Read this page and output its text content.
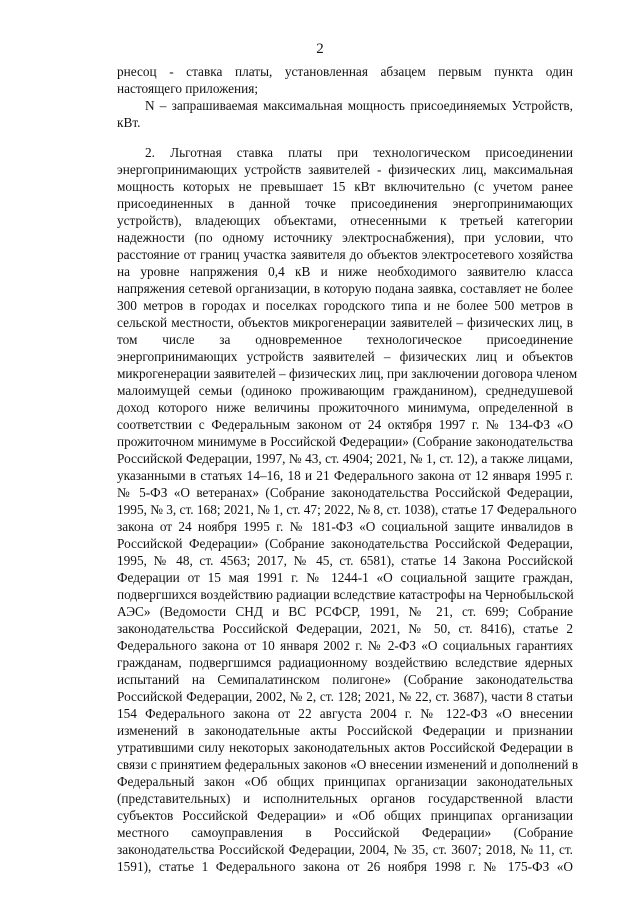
2
рнесоц - ставка платы, установленная абзацем первым пункта один
настоящего приложения;
N – запрашиваемая максимальная мощность присоединяемых Устройств,
кВт.
2. Льготная ставка платы при технологическом присоединении
энергопринимающих устройств заявителей - физических лиц, максимальная
мощность которых не превышает 15 кВт включительно (с учетом ранее
присоединенных в данной точке присоединения энергопринимающих
устройств), владеющих объектами, отнесенными к третьей категории
надежности (по одному источнику электроснабжения), при условии, что
расстояние от границ участка заявителя до объектов электросетевого хозяйства
на уровне напряжения 0,4 кВ и ниже необходимого заявителю класса
напряжения сетевой организации, в которую подана заявка, составляет не более
300 метров в городах и поселках городского типа и не более 500 метров в
сельской местности, объектов микрогенерации заявителей – физических лиц, в
том числе за одновременное технологическое присоединение
энергопринимающих устройств заявителей – физических лиц и объектов
микрогенерации заявителей – физических лиц, при заключении договора членом
малоимущей семьи (одиноко проживающим гражданином), среднедушевой
доход которого ниже величины прожиточного минимума, определенной в
соответствии с Федеральным законом от 24 октября 1997 г. № 134-ФЗ «О
прожиточном минимуме в Российской Федерации» (Собрание законодательства
Российской Федерации, 1997, № 43, ст. 4904; 2021, № 1, ст. 12), а также лицами,
указанными в статьях 14–16, 18 и 21 Федерального закона от 12 января 1995 г.
№ 5-ФЗ «О ветеранах» (Собрание законодательства Российской Федерации,
1995, № 3, ст. 168; 2021, № 1, ст. 47; 2022, № 8, ст. 1038), статье 17 Федерального
закона от 24 ноября 1995 г. № 181-ФЗ «О социальной защите инвалидов в
Российской Федерации» (Собрание законодательства Российской Федерации,
1995, № 48, ст. 4563; 2017, № 45, ст. 6581), статье 14 Закона Российской
Федерации от 15 мая 1991 г. № 1244-1 «О социальной защите граждан,
подвергшихся воздействию радиации вследствие катастрофы на Чернобыльской
АЭС» (Ведомости СНД и ВС РСФСР, 1991, № 21, ст. 699; Собрание
законодательства Российской Федерации, 2021, № 50, ст. 8416), статье 2
Федерального закона от 10 января 2002 г. № 2-ФЗ «О социальных гарантиях
гражданам, подвергшимся радиационному воздействию вследствие ядерных
испытаний на Семипалатинском полигоне» (Собрание законодательства
Российской Федерации, 2002, № 2, ст. 128; 2021, № 22, ст. 3687), части 8 статьи
154 Федерального закона от 22 августа 2004 г. № 122-ФЗ «О внесении
изменений в законодательные акты Российской Федерации и признании
утратившими силу некоторых законодательных актов Российской Федерации в
связи с принятием федеральных законов «О внесении изменений и дополнений в
Федеральный закон «Об общих принципах организации законодательных
(представительных) и исполнительных органов государственной власти
субъектов Российской Федерации» и «Об общих принципах организации
местного самоуправления в Российской Федерации» (Собрание
законодательства Российской Федерации, 2004, № 35, ст. 3607; 2018, № 11, ст.
1591), статье 1 Федерального закона от 26 ноября 1998 г. № 175-ФЗ «О
